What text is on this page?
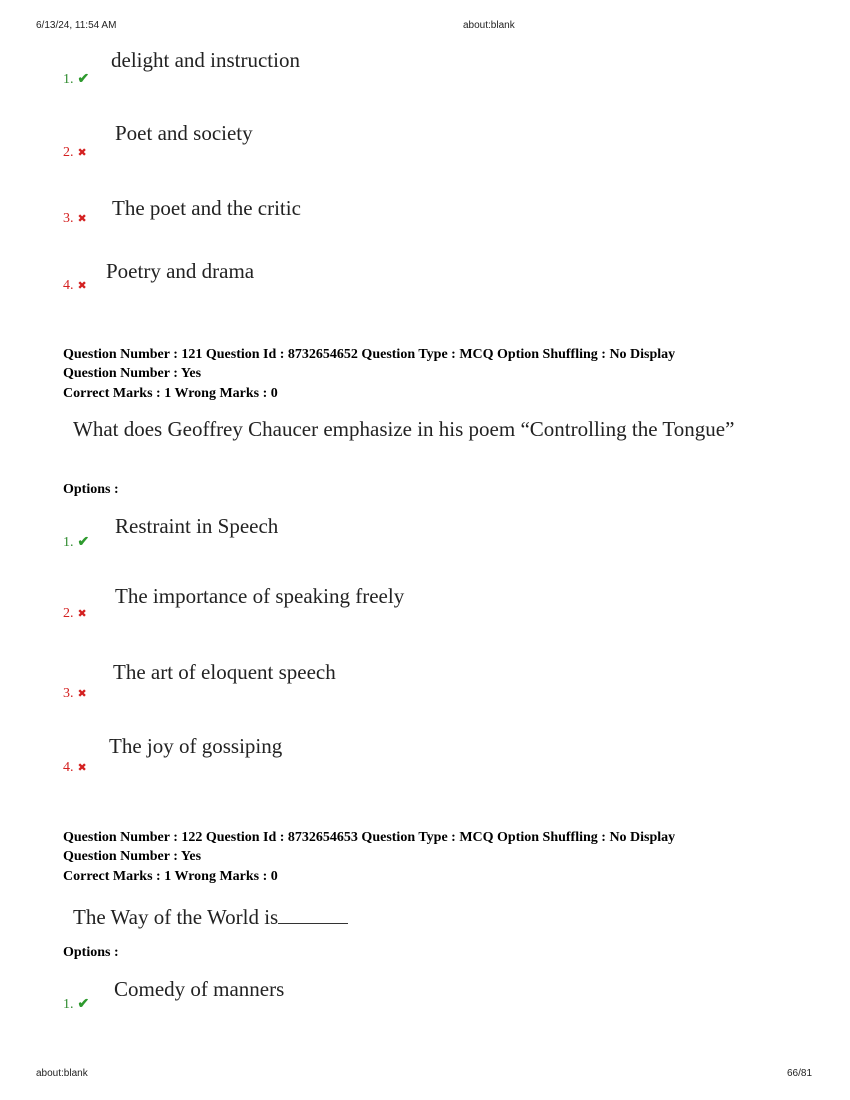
6/13/24, 11:54 AM	about:blank
about:blank	66/81
1. ✔
delight and instruction
2. ✖
Poet and society
3. ✖ The poet and the critic
4. ✖
Poetry and drama
Question Number : 121 Question Id : 8732654652 Question Type : MCQ Option Shuffling : No Display
Question Number : Yes
Correct Marks : 1 Wrong Marks : 0
What does Geoffrey Chaucer emphasize in his poem “Controlling the Tongue”
Options :
1. ✔
Restraint in Speech
2. ✖
The importance of speaking freely
3. ✖
The art of eloquent speech
4. ✖
The joy of gossiping
Question Number : 122 Question Id : 8732654653 Question Type : MCQ Option Shuffling : No Display
Question Number : Yes
Correct Marks : 1 Wrong Marks : 0
The Way of the World is
Options :
1. ✔
Comedy of manners
